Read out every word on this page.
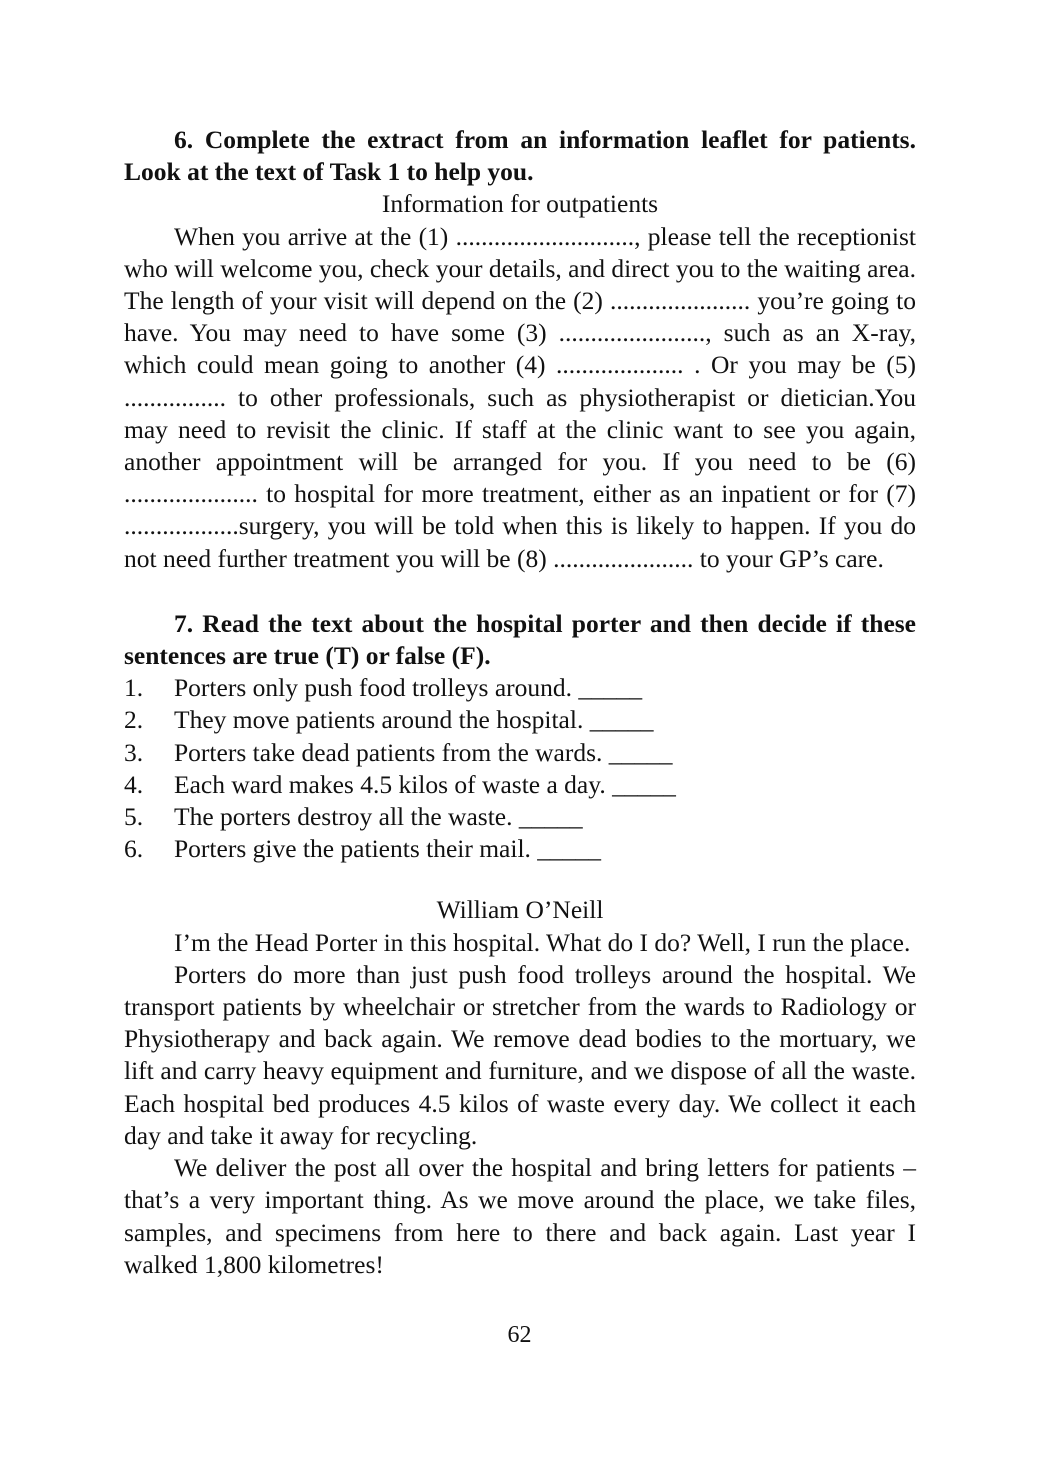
6. Complete the extract from an information leaflet for patients. Look at the text of Task 1 to help you.

Information for outpatients

When you arrive at the (1) ............................, please tell the receptionist who will welcome you, check your details, and direct you to the waiting area. The length of your visit will depend on the (2) ...................... you’re going to have. You may need to have some (3) ......................., such as an X-ray, which could mean going to another (4) .................... . Or you may be (5) ................ to other professionals, such as physiotherapist or dietician.You may need to revisit the clinic. If staff at the clinic want to see you again, another appointment will be arranged for you. If you need to be (6) ..................... to hospital for more treatment, either as an inpatient or for (7) ..................surgery, you will be told when this is likely to happen. If you do not need further treatment you will be (8) ...................... to your GP’s care.

7. Read the text about the hospital porter and then decide if these sentences are true (T) or false (F).

1.	Porters only push food trolleys around. _____
2.	They move patients around the hospital. _____
3.	Porters take dead patients from the wards. _____
4.	Each ward makes 4.5 kilos of waste a day. _____
5.	The porters destroy all the waste. _____
6.	Porters give the patients their mail. _____

William O’Neill

I’m the Head Porter in this hospital. What do I do? Well, I run the place.

Porters do more than just push food trolleys around the hospital. We transport patients by wheelchair or stretcher from the wards to Radiology or Physiotherapy and back again. We remove dead bodies to the mortuary, we lift and carry heavy equipment and furniture, and we dispose of all the waste. Each hospital bed produces 4.5 kilos of waste every day. We collect it each day and take it away for recycling.

We deliver the post all over the hospital and bring letters for patients – that’s a very important thing. As we move around the place, we take files, samples, and specimens from here to there and back again. Last year I walked 1,800 kilometres!

62
